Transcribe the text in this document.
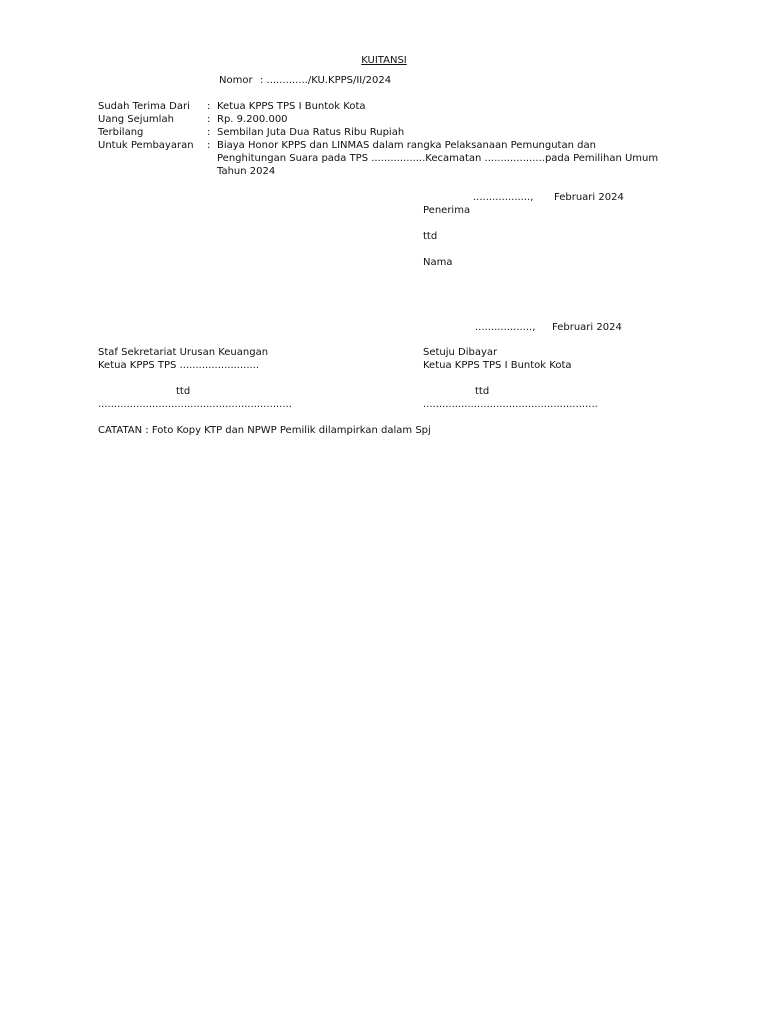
KUITANSI
Nomor : ............./KU.KPPS/II/2024
Sudah Terima Dari : Ketua KPPS TPS I Buntok Kota
Uang Sejumlah	: Rp. 9.200.000
Terbilang	: Sembilan Juta Dua Ratus Ribu Rupiah
Untuk Pembayaran : Biaya Honor KPPS dan LINMAS dalam rangka Pelaksanaan Pemungutan dan
Penghitungan Suara pada TPS .................Kecamatan ...................pada Pemilihan Umum
Tahun 2024
.................., Februari 2024
Penerima
ttd
Nama
.................., Februari 2024
Staf Sekretariat Urusan Keuangan
Ketua KPPS TPS .........................
ttd
.............................................................
Setuju Dibayar
Ketua KPPS TPS I Buntok Kota
ttd
.......................................................
CATATAN : Foto Kopy KTP dan NPWP Pemilik dilampirkan dalam Spj
